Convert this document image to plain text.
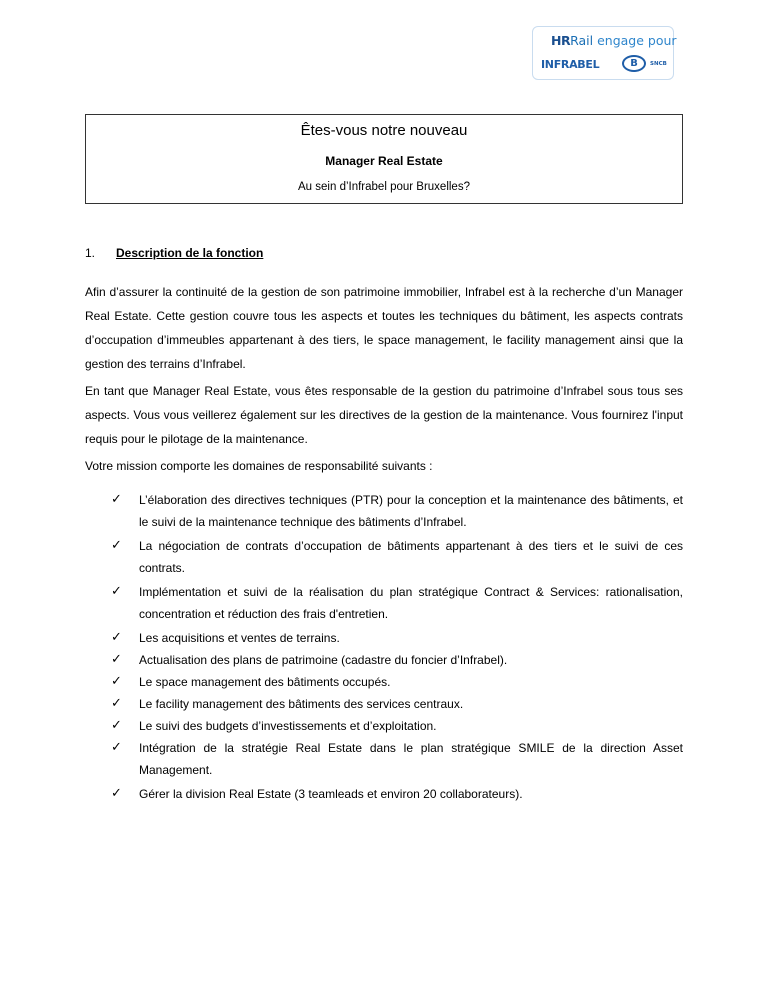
HRRail engage pour
INFRABEL	B	SNCB
Êtes-vous notre nouveau
Manager Real Estate
Au sein d’Infrabel pour Bruxelles?
1. Description de la fonction

Afin d’assurer la continuité de la gestion de son patrimoine immobilier, Infrabel est à la recherche d’un Manager Real Estate. Cette gestion couvre tous les aspects et toutes les techniques du bâtiment, les aspects contrats d’occupation d’immeubles appartenant à des tiers, le space management, le facility management ainsi que la gestion des terrains d’Infrabel.

En tant que Manager Real Estate, vous êtes responsable de la gestion du patrimoine d’Infrabel sous tous ses aspects. Vous vous veillerez également sur les directives de la gestion de la maintenance. Vous fournirez l'input requis pour le pilotage de la maintenance.

Votre mission comporte les domaines de responsabilité suivants :

✓ L’élaboration des directives techniques (PTR) pour la conception et la maintenance des bâtiments, et le suivi de la maintenance technique des bâtiments d’Infrabel.
✓ La négociation de contrats d’occupation de bâtiments appartenant à des tiers et le suivi de ces contrats.
✓ Implémentation et suivi de la réalisation du plan stratégique Contract & Services: rationalisation, concentration et réduction des frais d'entretien.
✓ Les acquisitions et ventes de terrains.
✓ Actualisation des plans de patrimoine (cadastre du foncier d’Infrabel).
✓ Le space management des bâtiments occupés.
✓ Le facility management des bâtiments des services centraux.
✓ Le suivi des budgets d’investissements et d’exploitation.
✓ Intégration de la stratégie Real Estate dans le plan stratégique SMILE de la direction Asset Management.
✓ Gérer la division Real Estate (3 teamleads et environ 20 collaborateurs).
